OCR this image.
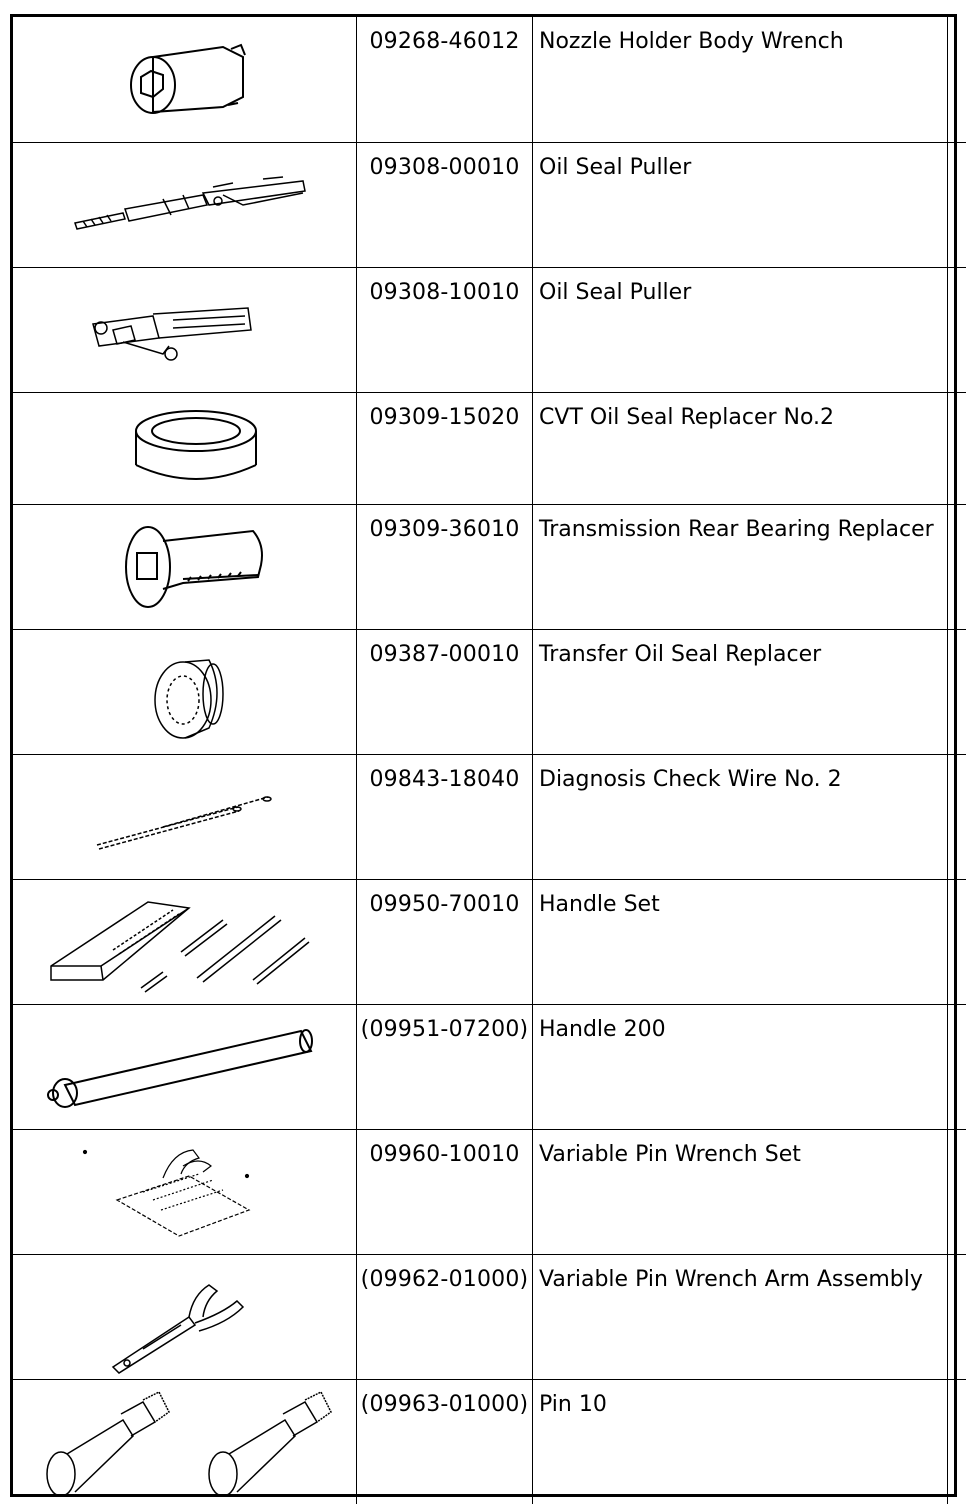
	09268-46012	Nozzle Holder Body Wrench	

	09308-00010	Oil Seal Puller	

	09308-10010	Oil Seal Puller	

	09309-15020	CVT Oil Seal Replacer No.2	

	09309-36010	Transmission Rear Bearing Replacer	

	09387-00010	Transfer Oil Seal Replacer	

	09843-18040	Diagnosis Check Wire No. 2	

	09950-70010	Handle Set	

	(09951-07200)	Handle 200	

	09960-10010	Variable Pin Wrench Set	

	(09962-01000)	Variable Pin Wrench Arm Assembly	

	(09963-01000)	Pin 10	
